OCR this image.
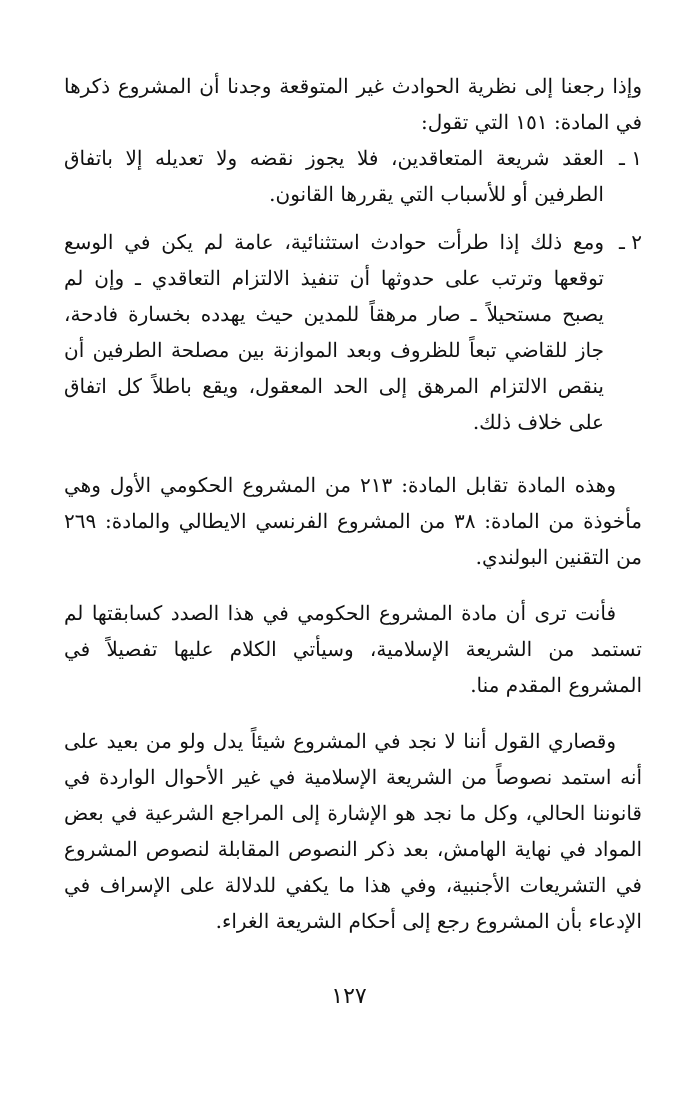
وإذا رجعنا إلى نظرية الحوادث غير المتوقعة وجدنا أن المشروع ذكرها في المادة: ١٥١ التي تقول:
١ ـ
العقد شريعة المتعاقدين، فلا يجوز نقضه ولا تعديله إلا باتفاق الطرفين أو للأسباب التي يقررها القانون.
٢ ـ
ومع ذلك إذا طرأت حوادث استثنائية، عامة لم يكن في الوسع توقعها وترتب على حدوثها أن تنفيذ الالتزام التعاقدي ـ وإن لم يصبح مستحيلاً ـ صار مرهقاً للمدين حيث يهدده بخسارة فادحة، جاز للقاضي تبعاً للظروف وبعد الموازنة بين مصلحة الطرفين أن ينقص الالتزام المرهق إلى الحد المعقول، ويقع باطلاً كل اتفاق على خلاف ذلك.

وهذه المادة تقابل المادة: ٢١٣ من المشروع الحكومي الأول وهي مأخوذة من المادة: ٣٨ من المشروع الفرنسي الايطالي والمادة: ٢٦٩ من التقنين البولندي.

فأنت ترى أن مادة المشروع الحكومي في هذا الصدد كسابقتها لم تستمد من الشريعة الإسلامية، وسيأتي الكلام عليها تفصيلاً في المشروع المقدم منا.

وقصاري القول أننا لا نجد في المشروع شيئاً يدل ولو من بعيد على أنه استمد نصوصاً من الشريعة الإسلامية في غير الأحوال الواردة في قانوننا الحالي، وكل ما نجد هو الإشارة إلى المراجع الشرعية في بعض المواد في نهاية الهامش، بعد ذكر النصوص المقابلة لنصوص المشروع في التشريعات الأجنبية، وفي هذا ما يكفي للدلالة على الإسراف في الإدعاء بأن المشروع رجع إلى أحكام الشريعة الغراء.

١٢٧
